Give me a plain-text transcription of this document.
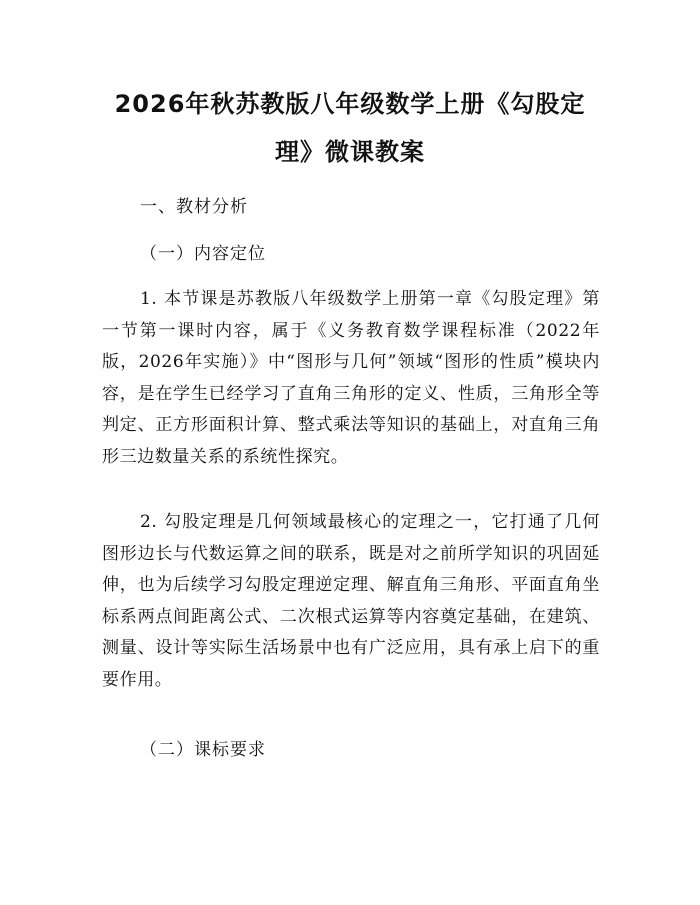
2026年秋苏教版八年级数学上册《勾股定
理》微课教案
一、教材分析
（一）内容定位
1. 本节课是苏教版八年级数学上册第一章《勾股定理》第一节第一课时内容，属于《义务教育数学课程标准（2022年版，2026年实施）》中“图形与几何”领域“图形的性质”模块内容，是在学生已经学习了直角三角形的定义、性质，三角形全等判定、正方形面积计算、整式乘法等知识的基础上，对直角三角形三边数量关系的系统性探究。
2. 勾股定理是几何领域最核心的定理之一，它打通了几何图形边长与代数运算之间的联系，既是对之前所学知识的巩固延伸，也为后续学习勾股定理逆定理、解直角三角形、平面直角坐标系两点间距离公式、二次根式运算等内容奠定基础，在建筑、测量、设计等实际生活场景中也有广泛应用，具有承上启下的重要作用。
（二）课标要求
